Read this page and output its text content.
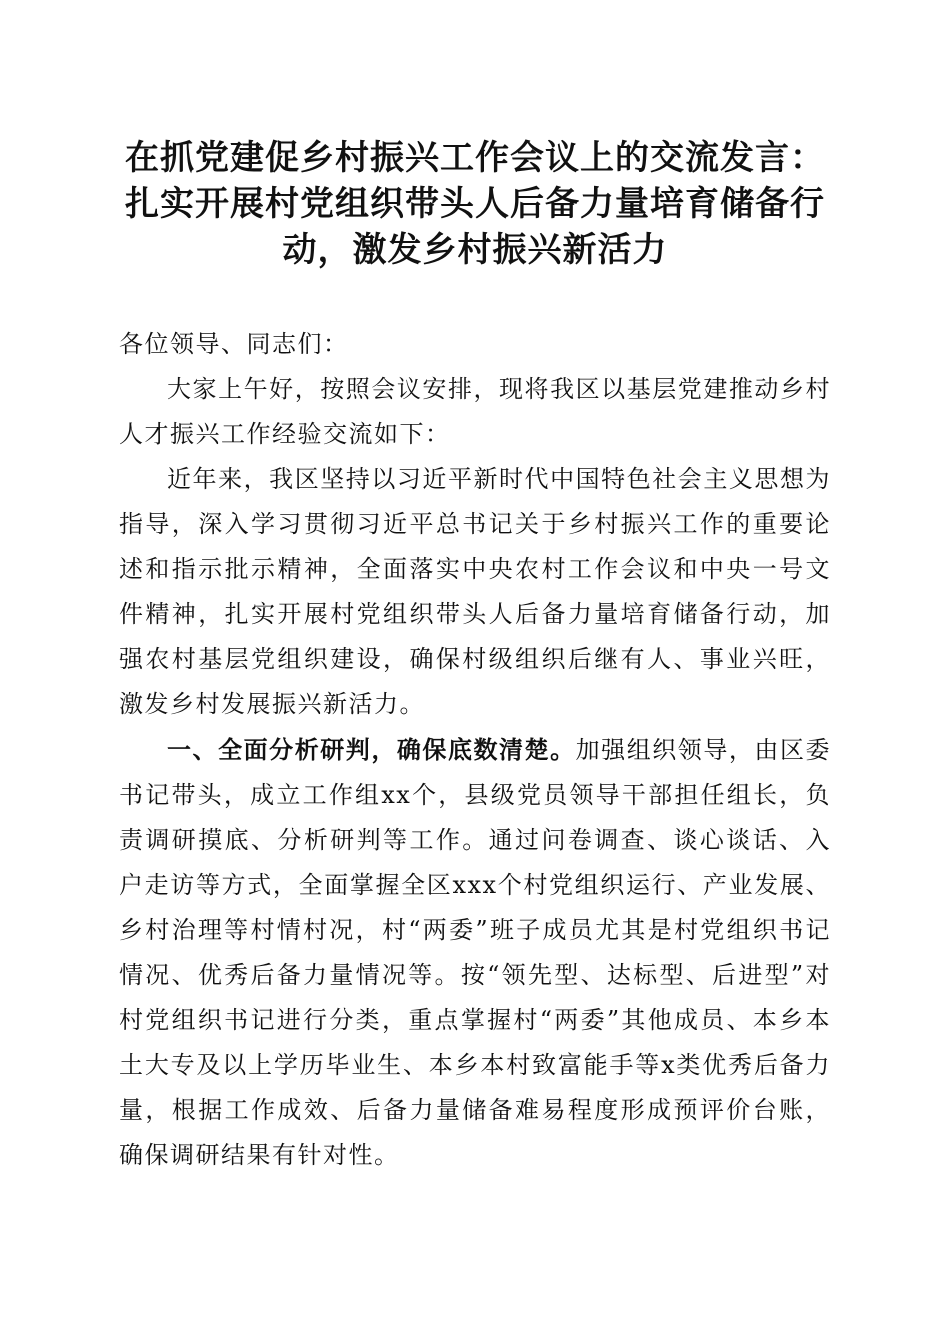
在抓党建促乡村振兴工作会议上的交流发言：
扎实开展村党组织带头人后备力量培育储备行
动，激发乡村振兴新活力

各位领导、同志们：

大家上午好，按照会议安排，现将我区以基层党建推动乡村人才振兴工作经验交流如下：

近年来，我区坚持以习近平新时代中国特色社会主义思想为指导，深入学习贯彻习近平总书记关于乡村振兴工作的重要论述和指示批示精神，全面落实中央农村工作会议和中央一号文件精神，扎实开展村党组织带头人后备力量培育储备行动，加强农村基层党组织建设，确保村级组织后继有人、事业兴旺，激发乡村发展振兴新活力。

一、全面分析研判，确保底数清楚。加强组织领导，由区委书记带头，成立工作组xx个，县级党员领导干部担任组长，负责调研摸底、分析研判等工作。通过问卷调查、谈心谈话、入户走访等方式，全面掌握全区xxx个村党组织运行、产业发展、乡村治理等村情村况，村“两委”班子成员尤其是村党组织书记情况、优秀后备力量情况等。按“领先型、达标型、后进型”对村党组织书记进行分类，重点掌握村“两委”其他成员、本乡本土大专及以上学历毕业生、本乡本村致富能手等x类优秀后备力量，根据工作成效、后备力量储备难易程度形成预评价台账，确保调研结果有针对性。
